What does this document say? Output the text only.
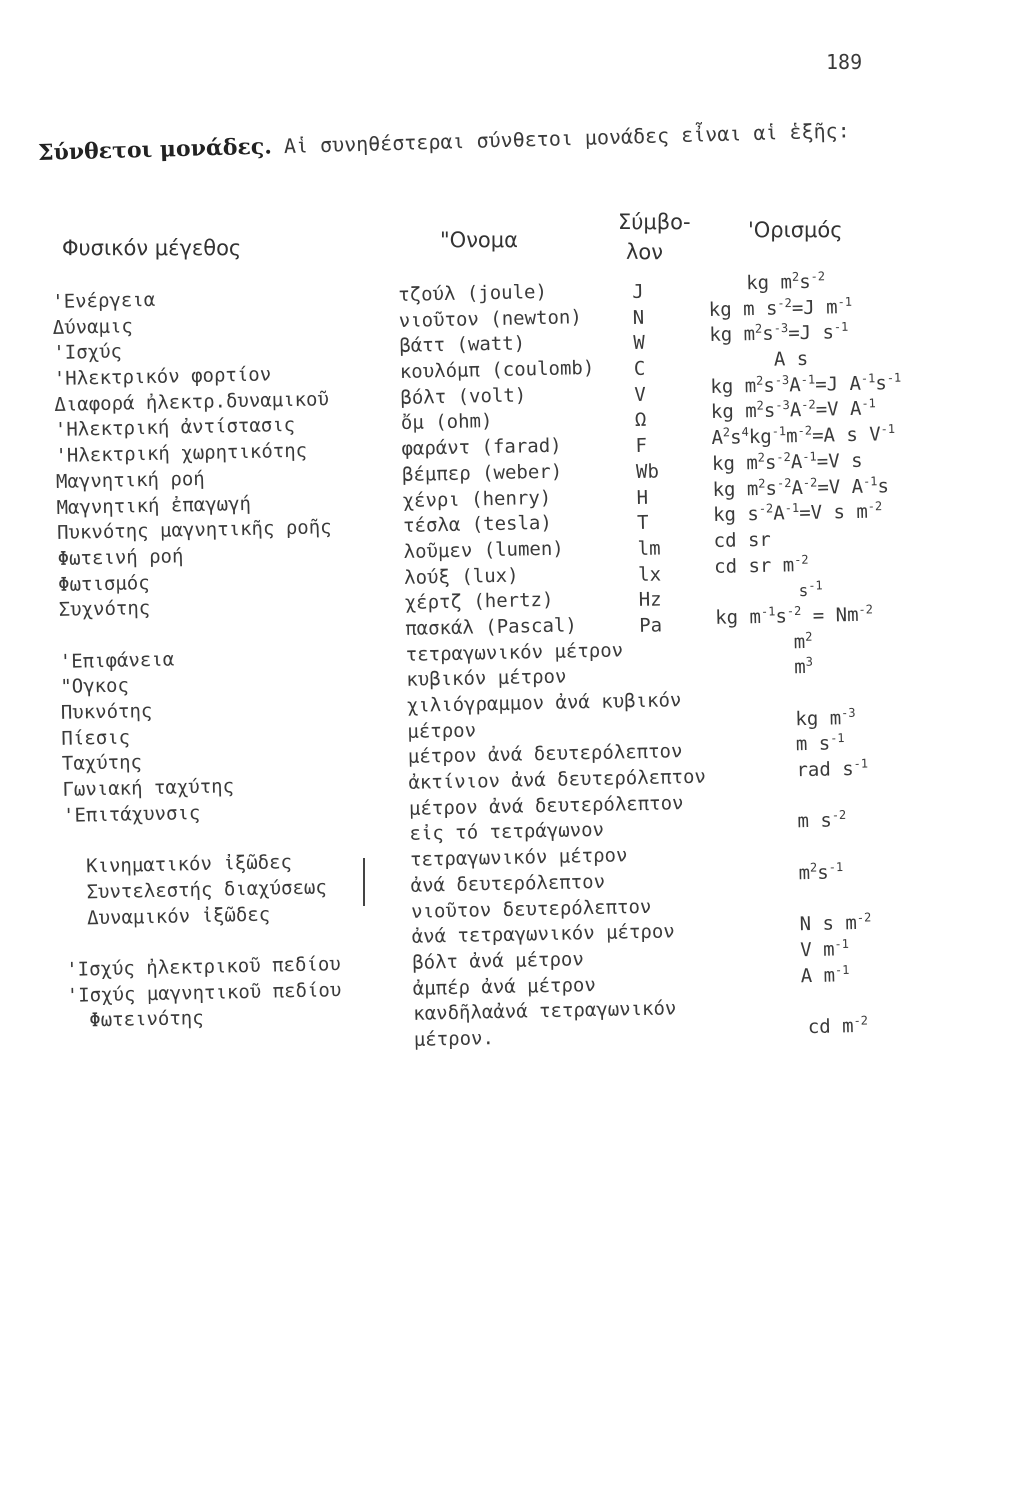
189
Σύνθετοι μονάδες. Αἱ συνηθέστεραι σύνθετοι μονάδες εἶναι αἱ ἑξῆς:
Φυσικόν μέγεθος	"Ονομα
Σύμβο-
λον
'Ορισμός
'Ενέργεια
Δύναμις
'Ισχύς
'Ηλεκτρικόν φορτίον
Διαφορά ἠλεκτρ.δυναμικοῦ
'Ηλεκτρική ἀντίστασις
'Ηλεκτρική χωρητικότης
Μαγνητική ροή
Μαγνητική ἐπαγωγή
Πυκνότης μαγνητικῆς ροῆς
Φωτεινή ροή
Φωτισμός
Συχνότης
'Επιφάνεια
"Ογκος
Πυκνότης
Πίεσις
Ταχύτης
Γωνιακή ταχύτης
'Επιτάχυνσις
Κινηματικόν ἰξῶδες
Συντελεστής διαχύσεως
Δυναμικόν ἰξῶδες
'Ισχύς ἠλεκτρικοῦ πεδίου
'Ισχύς μαγνητικοῦ πεδίου
Φωτεινότης
τζούλ (joule)
νιοῦτον (newton)
βάττ (watt)
κουλόμπ (coulomb)
βόλτ (volt)
ὄμ (ohm)
φαράντ (farad)
βέμπερ (weber)
χένρι (henry)
τέσλα (tesla)
λοῦμεν (lumen)
λούξ (lux)
χέρτζ (hertz)
πασκάλ (Pascal)
τετραγωνικόν μέτρον
κυβικόν μέτρον
χιλιόγραμμον ἀνά κυβικόν
μέτρον
μέτρον ἀνά δευτερόλεπτον
ἀκτίνιον ἀνά δευτερόλεπτον
μέτρον ἀνά δευτερόλεπτον
εἰς τό τετράγωνον
τετραγωνικόν μέτρον
ἀνά δευτερόλεπτον
νιοῦτον δευτερόλεπτον
ἀνά τετραγωνικόν μέτρον
βόλτ ἀνά μέτρον
ἀμπέρ ἀνά μέτρον
κανδῆλαἀνά τετραγωνικόν
μέτρον.
J
N
W
C
V
Ω
F
Wb
H
T
lm
lx
Hz
Pa
kg $m^2s^{-2}$
kg m $s^{-2}=J$ $m^{-1}$
kg $m^2s^{-3}=J$ $s^{-1}$
A s
kg $m^2s^{-3}A^{-1}=J$ $A^{-1}s^{-1}$
kg $m^2s^{-3}A^{-2}=V$ $A^{-1}$
$A^2s^4kg^{-1}m^{-2}=A$ s $V^{-1}$
kg $m^2s^{-2}A^{-1}=V$ s
kg $m^2s^{-2}A^{-2}=V$ $A^{-1}s$
kg $s^{-2}A^{-1}=V$ s $m^{-2}$
cd sr
cd sr $m^{-2}$
$s^{-1}$
kg $m^{-1}s^{-2} = Nm^{-2}$
$m^2$
$m^3$
kg $m^{-3}$
m $s^{-1}$
rad $s^{-1}$
m $s^{-2}$
$m^2s^{-1}$
N s $m^{-2}$
V $m^{-1}$
A $m^{-1}$
cd $m^{-2}$
